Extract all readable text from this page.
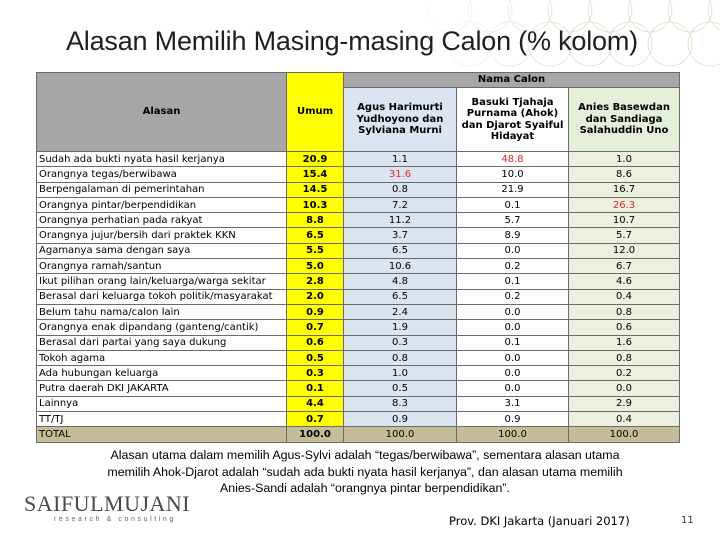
Alasan Memilih Masing-masing Calon (% kolom)
Alasan	Umum	Nama Calon		
		Agus Harimurti Yudhoyono dan Sylviana Murni	Basuki Tjahaja Purnama (Ahok) dan Djarot Syaiful Hidayat	Anies Basewdan dan Sandiaga Salahuddin Uno
Sudah ada bukti nyata hasil kerjanya	20.9	1.1	48.8	1.0
Orangnya tegas/berwibawa	15.4	31.6	10.0	8.6
Berpengalaman di pemerintahan	14.5	0.8	21.9	16.7
Orangnya pintar/berpendidikan	10.3	7.2	0.1	26.3
Orangnya perhatian pada rakyat	8.8	11.2	5.7	10.7
Orangnya jujur/bersih dari praktek KKN	6.5	3.7	8.9	5.7
Agamanya sama dengan saya	5.5	6.5	0.0	12.0
Orangnya ramah/santun	5.0	10.6	0.2	6.7
Ikut pilihan orang lain/keluarga/warga sekitar	2.8	4.8	0.1	4.6
Berasal dari keluarga tokoh politik/masyarakat	2.0	6.5	0.2	0.4
Belum tahu nama/calon lain	0.9	2.4	0.0	0.8
Orangnya enak dipandang (ganteng/cantik)	0.7	1.9	0.0	0.6
Berasal dari partai yang saya dukung	0.6	0.3	0.1	1.6
Tokoh agama	0.5	0.8	0.0	0.8
Ada hubungan keluarga	0.3	1.0	0.0	0.2
Putra daerah DKI JAKARTA	0.1	0.5	0.0	0.0
Lainnya	4.4	8.3	3.1	2.9
TT/TJ	0.7	0.9	0.9	0.4
TOTAL	100.0	100.0	100.0	100.0
Alasan utama dalam memilih Agus-Sylvi adalah “tegas/berwibawa”, sementara alasan utama
memilih Ahok-Djarot adalah “sudah ada bukti nyata hasil kerjanya”, dan alasan utama memilih
Anies-Sandi adalah “orangnya pintar berpendidikan”.
SAIFULMUJANI
research & consulting	Prov. DKI Jakarta (Januari 2017)	11
